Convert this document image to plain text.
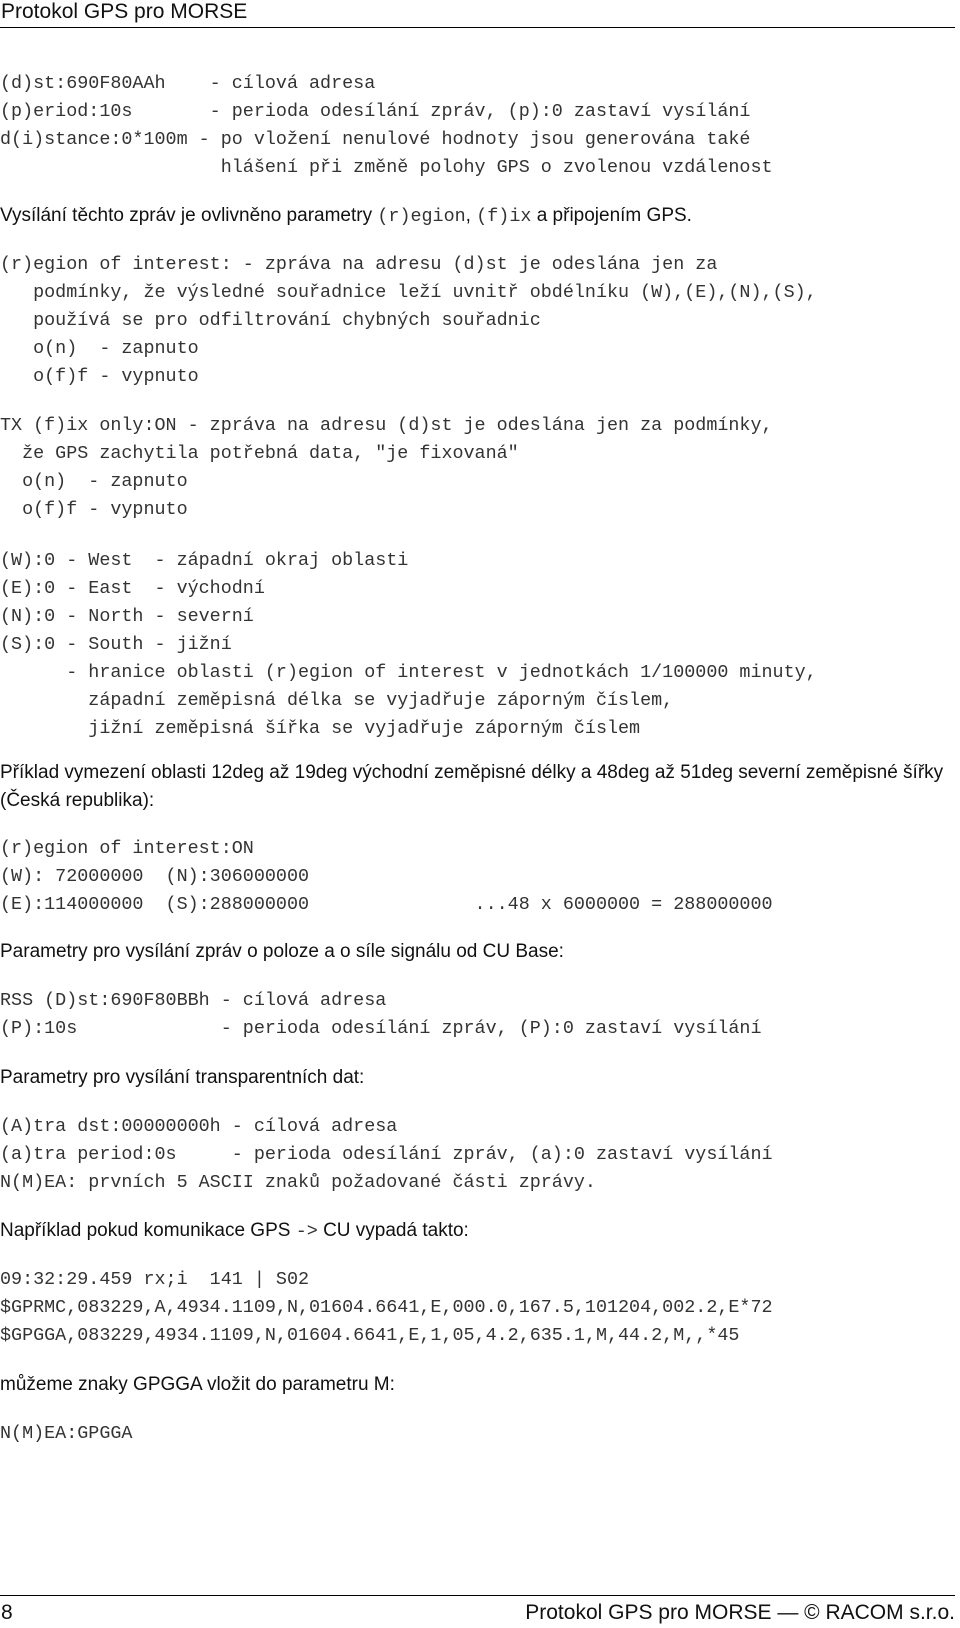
Protokol GPS pro MORSE
(d)st:690F80AAh    - cílová adresa
(p)eriod:10s       - perioda odesílání zpráv, (p):0 zastaví vysílání
d(i)stance:0*100m - po vložení nenulové hodnoty jsou generována také
hlášení při změně polohy GPS o zvolenou vzdálenost
Vysílání těchto zpráv je ovlivněno parametry (r)egion, (f)ix a připojením GPS.
(r)egion of interest: - zpráva na adresu (d)st je odeslána jen za
podmínky, že výsledné souřadnice leží uvnitř obdélníku (W),(E),(N),(S),
používá se pro odfiltrování chybných souřadnic
o(n)  - zapnuto
o(f)f - vypnuto
TX (f)ix only:ON - zpráva na adresu (d)st je odeslána jen za podmínky,
že GPS zachytila potřebná data, "je fixovaná"
o(n)  - zapnuto
o(f)f - vypnuto
(W):0 - West  - západní okraj oblasti
(E):0 - East  - východní
(N):0 - North - severní
(S):0 - South - jižní
- hranice oblasti (r)egion of interest v jednotkách 1/100000 minuty,
západní zeměpisná délka se vyjadřuje záporným číslem,
jižní zeměpisná šířka se vyjadřuje záporným číslem
Příklad vymezení oblasti 12deg až 19deg východní zeměpisné délky a 48deg až 51deg severní zeměpisné šířky (Česká republika):
(r)egion of interest:ON
(W): 72000000  (N):306000000
(E):114000000  (S):288000000               ...48 x 6000000 = 288000000
Parametry pro vysílání zpráv o poloze a o síle signálu od CU Base:
RSS (D)st:690F80BBh - cílová adresa
(P):10s             - perioda odesílání zpráv, (P):0 zastaví vysílání
Parametry pro vysílání transparentních dat:
(A)tra dst:00000000h - cílová adresa
(a)tra period:0s     - perioda odesílání zpráv, (a):0 zastaví vysílání
N(M)EA: prvních 5 ASCII znaků požadované části zprávy.
Například pokud komunikace GPS -> CU vypadá takto:
09:32:29.459 rx;i  141 | S02
$GPRMC,083229,A,4934.1109,N,01604.6641,E,000.0,167.5,101204,002.2,E*72
$GPGGA,083229,4934.1109,N,01604.6641,E,1,05,4.2,635.1,M,44.2,M,,*45
můžeme znaky GPGGA vložit do parametru M:
N(M)EA:GPGGA
8	Protokol GPS pro MORSE — © RACOM s.r.o.
